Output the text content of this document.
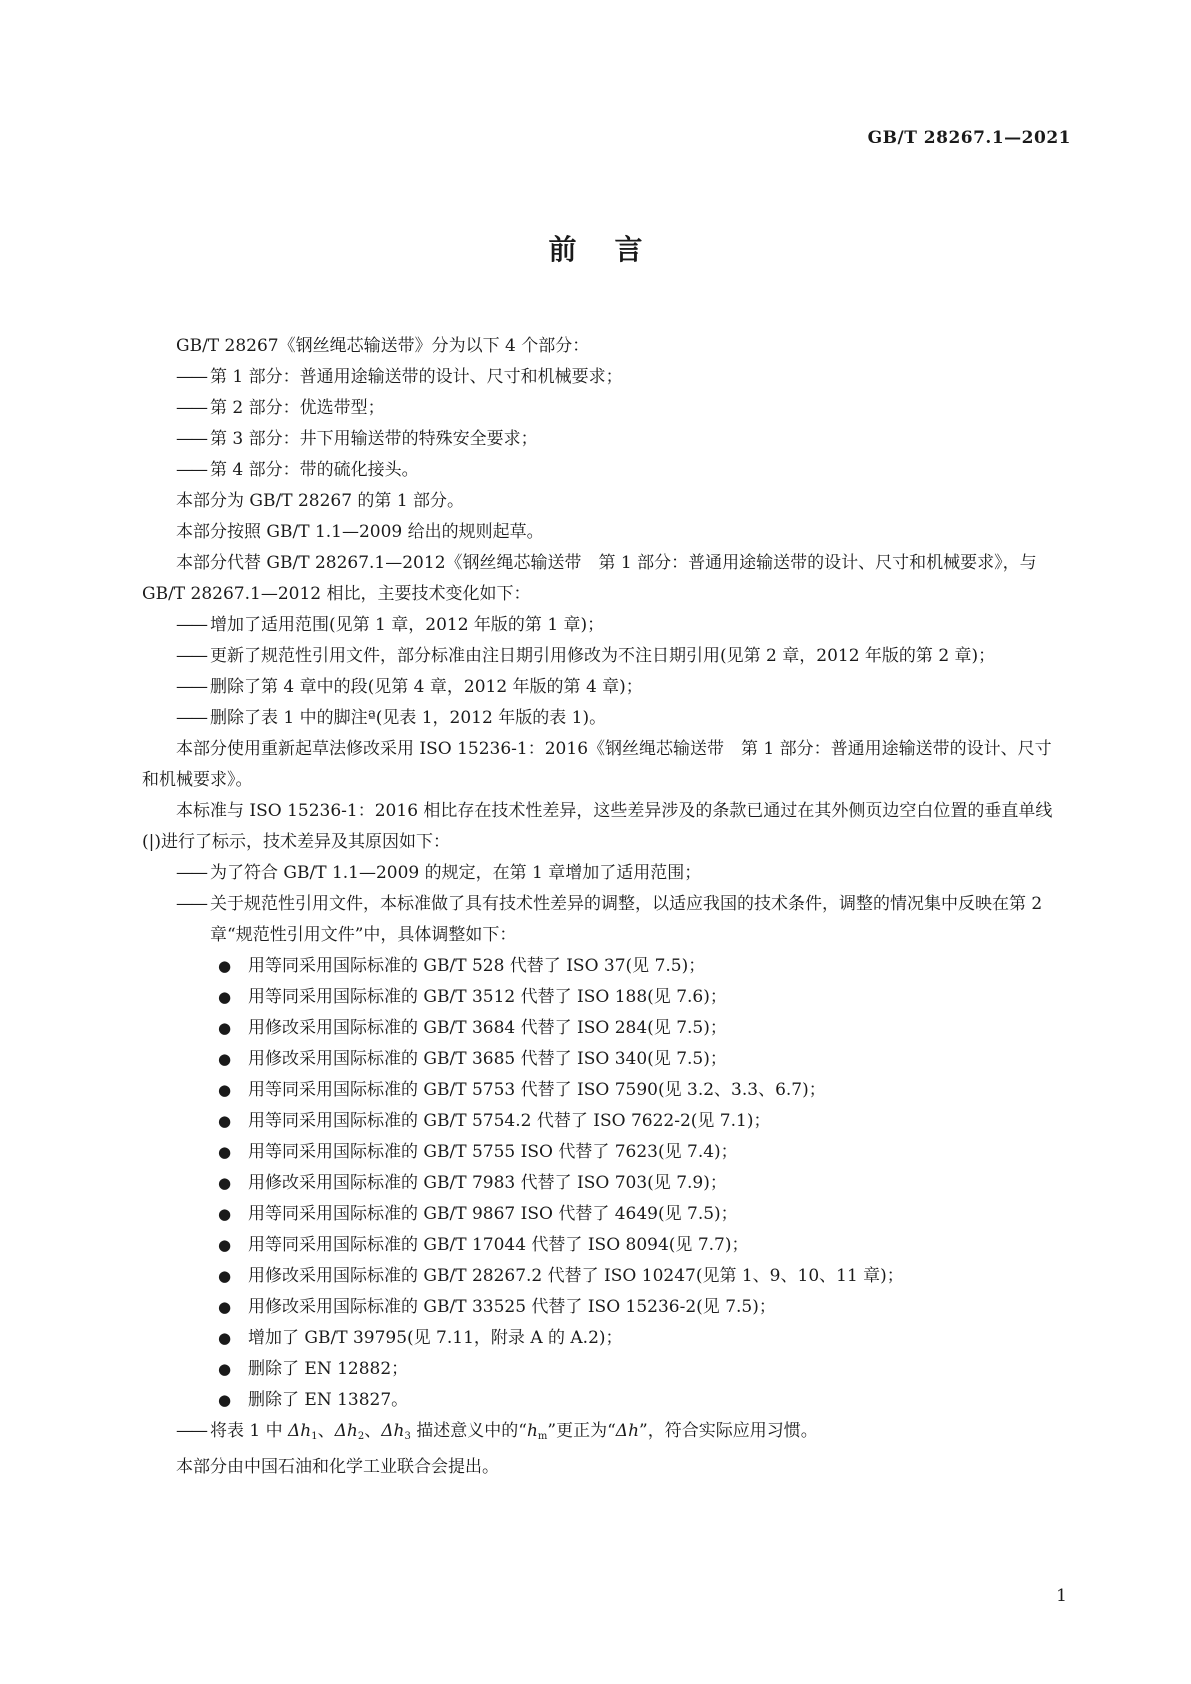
GB/T 28267.1—2021
前言
GB/T 28267《钢丝绳芯输送带》分为以下 4 个部分：
—— 第 1 部分：普通用途输送带的设计、尺寸和机械要求；
—— 第 2 部分：优选带型；
—— 第 3 部分：井下用输送带的特殊安全要求；
—— 第 4 部分：带的硫化接头。
本部分为 GB/T 28267 的第 1 部分。
本部分按照 GB/T 1.1—2009 给出的规则起草。
本部分代替 GB/T 28267.1—2012《钢丝绳芯输送带　第 1 部分：普通用途输送带的设计、尺寸和机械要求》，与 GB/T 28267.1—2012 相比，主要技术变化如下：
—— 增加了适用范围(见第 1 章，2012 年版的第 1 章)；
—— 更新了规范性引用文件，部分标准由注日期引用修改为不注日期引用(见第 2 章，2012 年版的第 2 章)；
—— 删除了第 4 章中的段(见第 4 章，2012 年版的第 4 章)；
—— 删除了表 1 中的脚注ª(见表 1，2012 年版的表 1)。
本部分使用重新起草法修改采用 ISO 15236-1：2016《钢丝绳芯输送带　第 1 部分：普通用途输送带的设计、尺寸和机械要求》。
本标准与 ISO 15236-1：2016 相比存在技术性差异，这些差异涉及的条款已通过在其外侧页边空白位置的垂直单线(|)进行了标示，技术差异及其原因如下：
—— 为了符合 GB/T 1.1—2009 的规定，在第 1 章增加了适用范围；
—— 关于规范性引用文件，本标准做了具有技术性差异的调整，以适应我国的技术条件，调整的情况集中反映在第 2 章“规范性引用文件”中，具体调整如下：
● 用等同采用国际标准的 GB/T 528 代替了 ISO 37(见 7.5)；
● 用等同采用国际标准的 GB/T 3512 代替了 ISO 188(见 7.6)；
● 用修改采用国际标准的 GB/T 3684 代替了 ISO 284(见 7.5)；
● 用修改采用国际标准的 GB/T 3685 代替了 ISO 340(见 7.5)；
● 用等同采用国际标准的 GB/T 5753 代替了 ISO 7590(见 3.2、3.3、6.7)；
● 用等同采用国际标准的 GB/T 5754.2 代替了 ISO 7622-2(见 7.1)；
● 用等同采用国际标准的 GB/T 5755 ISO 代替了 7623(见 7.4)；
● 用修改采用国际标准的 GB/T 7983 代替了 ISO 703(见 7.9)；
● 用等同采用国际标准的 GB/T 9867 ISO 代替了 4649(见 7.5)；
● 用等同采用国际标准的 GB/T 17044 代替了 ISO 8094(见 7.7)；
● 用修改采用国际标准的 GB/T 28267.2 代替了 ISO 10247(见第 1、9、10、11 章)；
● 用修改采用国际标准的 GB/T 33525 代替了 ISO 15236-2(见 7.5)；
● 增加了 GB/T 39795(见 7.11，附录 A 的 A.2)；
● 删除了 EN 12882；
● 删除了 EN 13827。
—— 将表 1 中 $\Delta h_1$、$\Delta h_2$、$\Delta h_3$ 描述意义中的“$h_m$”更正为“Δh”，符合实际应用习惯。
本部分由中国石油和化学工业联合会提出。
1
